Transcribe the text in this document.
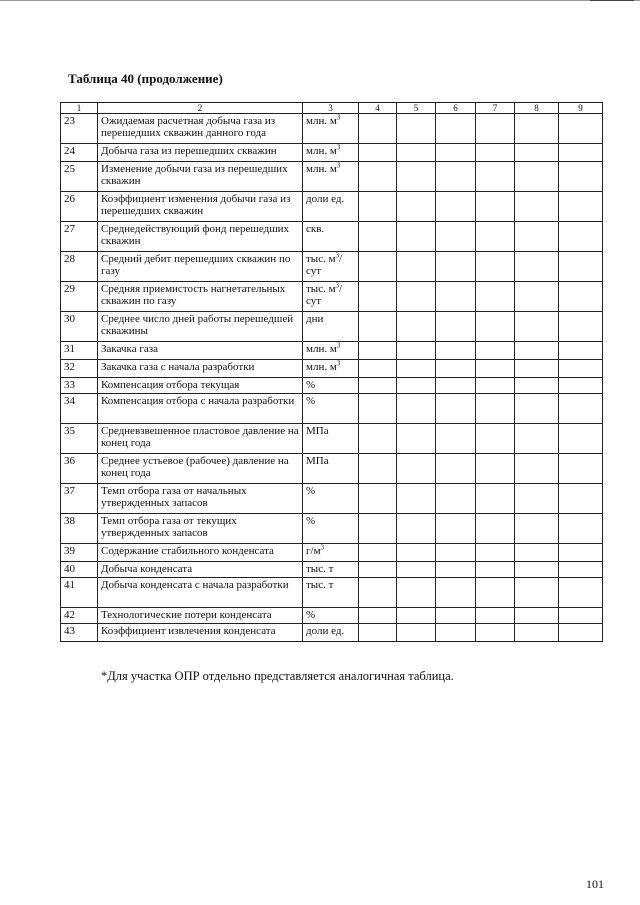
Таблица 40 (продолжение)
1	2	3	4	5	6	7	8	9
23	Ожидаемая расчетная добыча газа из перешедших скважин данного года	млн. $м^3$						
24	Добыча газа из перешедших скважин	млн. $м^3$						
25	Изменение добычи газа из перешедших скважин	млн. $м^3$						
26	Коэффициент изменения добычи газа из перешедших скважин	доли ед.						
27	Среднедействующий фонд перешедших скважин	скв.						
28	Средний дебит перешедших скважин по газу	тыс. $м^3$/сут						
29	Средняя приемистость нагнетательных скважин по газу	тыс. $м^3$/сут						
30	Среднее число дней работы перешедшей скважины	дни						
31	Закачка газа	млн. $м^3$						
32	Закачка газа с начала разработки	млн. $м^3$						
33	Компенсация отбора текущая	%						
34	Компенсация отбора с начала разработки	%						
35	Средневзвешенное пластовое давление на конец года	МПа						
36	Среднее устьевое (рабочее) давление на конец года	МПа						
37	Темп отбора газа от начальных утвержденных запасов	%						
38	Темп отбора газа от текущих утвержденных запасов	%						
39	Содержание стабильного конденсата	$г/м^3$						
40	Добыча конденсата	тыс. т						
41	Добыча конденсата с начала разработки	тыс. т						
42	Технологические потери конденсата	%						
43	Коэффициент извлечения конденсата	доли ед.						

*Для участка ОПР отдельно представляется аналогичная таблица.

101
